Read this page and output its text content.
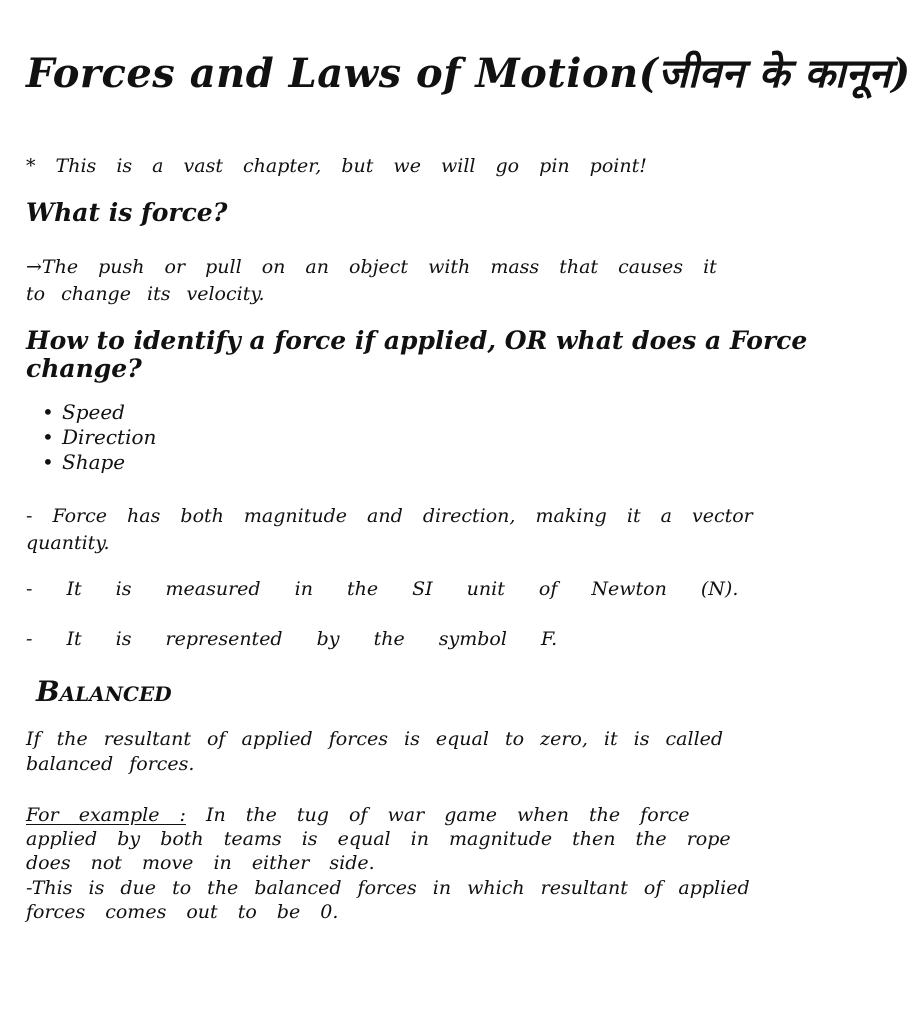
Forces and Laws of Motion(जीवन के कानून)
* This is a vast chapter, but we will go pin point!
What is force?
→The push or pull on an object with mass that causes it
to change its velocity.
How to identify a force if applied, OR what does a Force
change?
• Speed
• Direction
• Shape
- Force has both magnitude and direction, making it a vector
quantity.
- It is measured in the SI unit of Newton (N).
- It is represented by the symbol F.
Balanced
If the resultant of applied forces is equal to zero, it is called
balanced forces.
For example : In the tug of war game when the force
applied by both teams is equal in magnitude then the rope
does not move in either side.
-This is due to the balanced forces in which resultant of applied
forces comes out to be 0.
